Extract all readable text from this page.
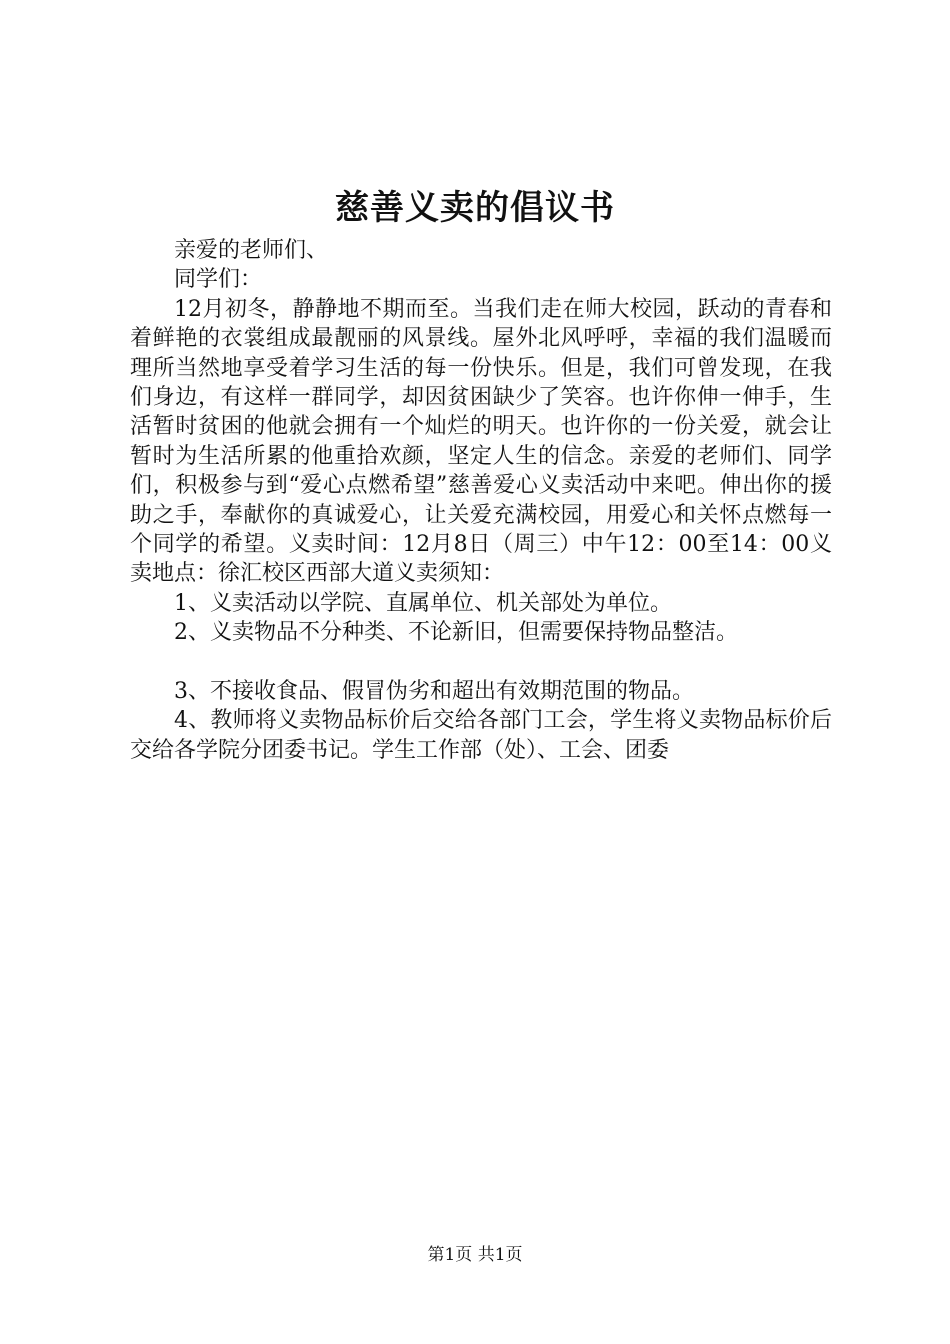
慈善义卖的倡议书

亲爱的老师们、

同学们：

12月初冬，静静地不期而至。当我们走在师大校园，跃动的青春和着鲜艳的衣裳组成最靓丽的风景线。屋外北风呼呼，幸福的我们温暖而理所当然地享受着学习生活的每一份快乐。但是，我们可曾发现，在我们身边，有这样一群同学，却因贫困缺少了笑容。也许你伸一伸手，生活暂时贫困的他就会拥有一个灿烂的明天。也许你的一份关爱，就会让暂时为生活所累的他重拾欢颜，坚定人生的信念。亲爱的老师们、同学们，积极参与到“爱心点燃希望”慈善爱心义卖活动中来吧。伸出你的援助之手，奉献你的真诚爱心，让关爱充满校园，用爱心和关怀点燃每一个同学的希望。义卖时间：12月8日（周三）中午12：00至14：00义卖地点：徐汇校区西部大道义卖须知：

1、义卖活动以学院、直属单位、机关部处为单位。

2、义卖物品不分种类、不论新旧，但需要保持物品整洁。

3、不接收食品、假冒伪劣和超出有效期范围的物品。

4、教师将义卖物品标价后交给各部门工会，学生将义卖物品标价后交给各学院分团委书记。学生工作部（处）、工会、团委

第1页 共1页
